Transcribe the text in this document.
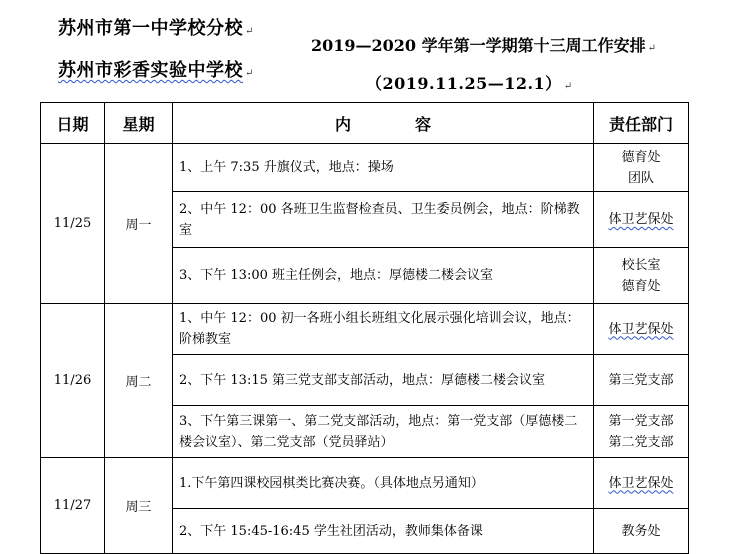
苏州市第一中学校分校 ↵
苏州市彩香实验中学校 ↵
2019—2020 学年第一学期第十三周工作安排 ↵
（2019.11.25—12.1） ↵
日期	星期	内　　　　容	责任部门
11/25	周一	1、上午 7:35 升旗仪式，地点：操场	德育处
团队

		2、中午 12：00 各班卫生监督检查员、卫生委员例会，地点：阶梯教室	体卫艺保处

		3、下午 13:00 班主任例会，地点：厚德楼二楼会议室	校长室
德育处

11/26	周二	1、中午 12：00 初一各班小组长班组文化展示强化培训会议，地点：阶梯教室	体卫艺保处

		2、下午 13:15 第三党支部支部活动，地点：厚德楼二楼会议室	第三党支部

		3、下午第三课第一、第二党支部活动，地点：第一党支部（厚德楼二楼会议室）、第二党支部（党员驿站）	第一党支部
第二党支部

11/27	周三	1.下午第四课校园棋类比赛决赛。（具体地点另通知）	体卫艺保处

		2、下午 15:45-16:45 学生社团活动，教师集体备课	教务处
